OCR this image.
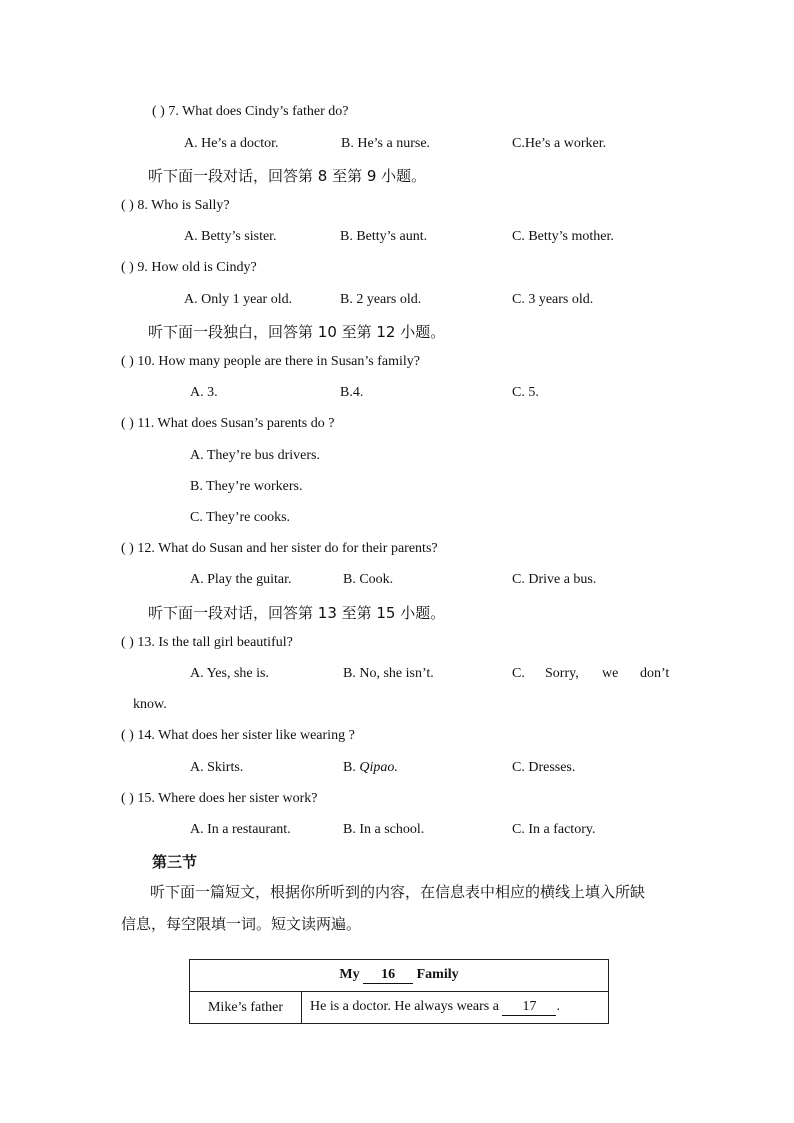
( ) 7. What does Cindy’s father do?
A. He’s a doctor.	B. He’s a nurse.	C.He’s a worker.
听下面一段对话，回答第 8 至第 9 小题。
( ) 8. Who is Sally?
A. Betty’s sister.	B. Betty’s aunt.	C. Betty’s mother.
( ) 9. How old is Cindy?
A. Only 1 year old.	B. 2 years old.	C. 3 years old.
听下面一段独白，回答第 10 至第 12 小题。
( ) 10. How many people are there in Susan’s family?
A. 3.	B.4.	C. 5.
( ) 11. What does Susan’s parents do ?
A. They’re bus drivers.
B. They’re workers.
C. They’re cooks.
( ) 12. What do Susan and her sister do for their parents?
A. Play the guitar.	B. Cook.	C. Drive a bus.
听下面一段对话，回答第 13 至第 15 小题。
( ) 13. Is the tall girl beautiful?
A. Yes, she is.	B. No, she isn’t.	C. Sorry, we don’t
know.
( ) 14. What does her sister like wearing ?
A. Skirts.	B. Qipao.	C. Dresses.
( ) 15. Where does her sister work?
A. In a restaurant.	B. In a school.	C. In a factory.
第三节
听下面一篇短文，根据你所听到的内容，在信息表中相应的横线上填入所缺
信息，每空限填一词。短文读两遍。
My 16 Family
Mike’s father	He is a doctor. He always wears a 17 .
